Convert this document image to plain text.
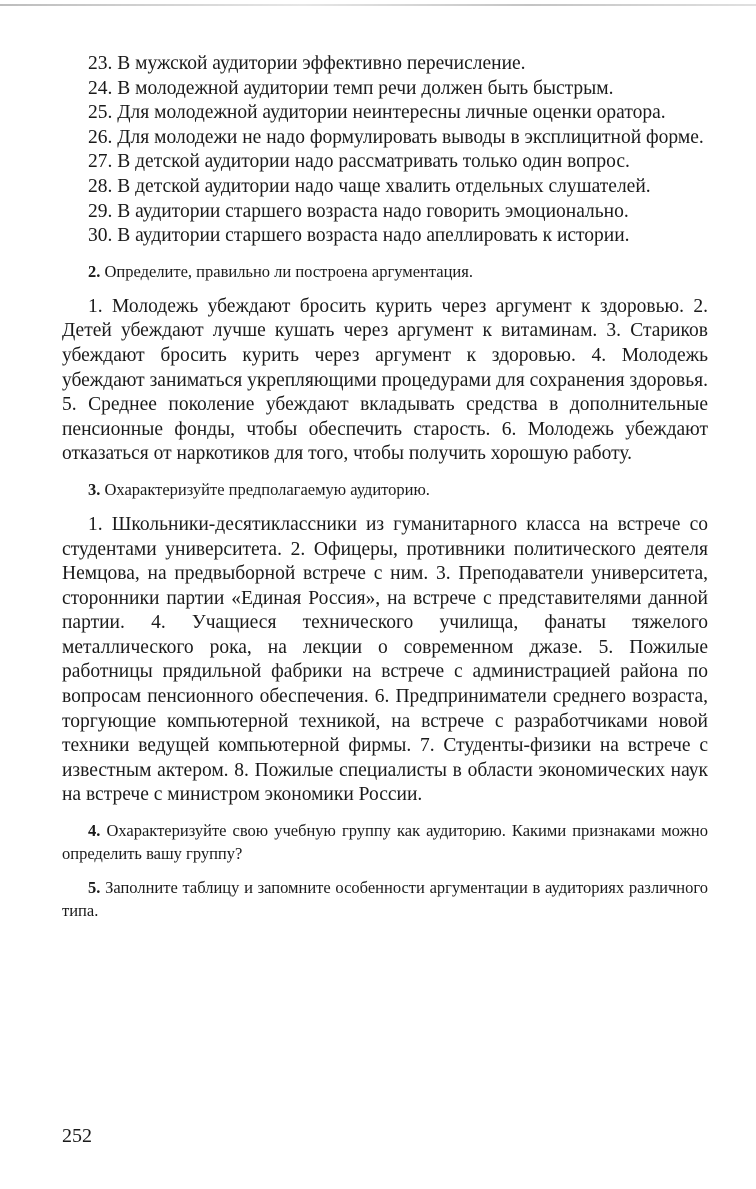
23. В мужской аудитории эффективно перечисление.

24. В молодежной аудитории темп речи должен быть быстрым.

25. Для молодежной аудитории неинтересны личные оценки оратора.

26. Для молодежи не надо формулировать выводы в эксплицитной форме.

27. В детской аудитории надо рассматривать только один вопрос.

28. В детской аудитории надо чаще хвалить отдельных слушателей.

29. В аудитории старшего возраста надо говорить эмоционально.

30. В аудитории старшего возраста надо апеллировать к истории.

2. Определите, правильно ли построена аргументация.

1. Молодежь убеждают бросить курить через аргумент к здоровью. 2. Детей убеждают лучше кушать через аргумент к витаминам. 3. Стариков убеждают бросить курить через аргумент к здоровью. 4. Молодежь убеждают заниматься укрепляющими процедурами для сохранения здоровья. 5. Среднее поколение убеждают вкладывать средства в дополнительные пенсионные фонды, чтобы обеспечить старость. 6. Молодежь убеждают отказаться от наркотиков для того, чтобы получить хорошую работу.

3. Охарактеризуйте предполагаемую аудиторию.

1. Школьники-десятиклассники из гуманитарного класса на встрече со студентами университета. 2. Офицеры, противники политического деятеля Немцова, на предвыборной встрече с ним. 3. Преподаватели университета, сторонники партии «Единая Россия», на встрече с представителями данной партии. 4. Учащиеся технического училища, фанаты тяжелого металлического рока, на лекции о современном джазе. 5. Пожилые работницы прядильной фабрики на встрече с администрацией района по вопросам пенсионного обеспечения. 6. Предприниматели среднего возраста, торгующие компьютерной техникой, на встрече с разработчиками новой техники ведущей компьютерной фирмы. 7. Студенты-физики на встрече с известным актером. 8. Пожилые специалисты в области экономических наук на встрече с министром экономики России.

4. Охарактеризуйте свою учебную группу как аудиторию. Какими признаками можно определить вашу группу?

5. Заполните таблицу и запомните особенности аргументации в аудиториях различного типа.

252
